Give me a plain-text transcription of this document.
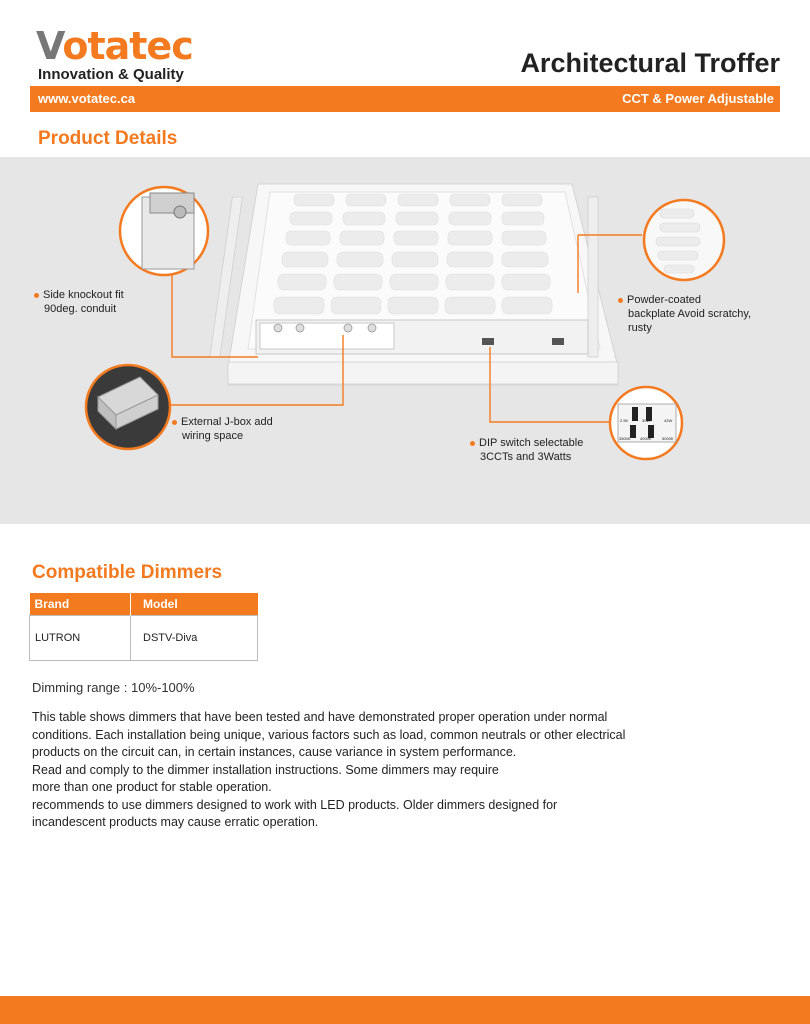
Votatec
Innovation & Quality	Architectural Troffer
www.votatec.ca	CCT & Power Adjustable
Product Details
2.5K	30W	42W
3500K 4000K	5000K
Side knockout fit
90deg. conduit
Powder-coated
backplate Avoid scratchy,
rusty
External J-box add
wiring space
DIP switch selectable
3CCTs and 3Watts
Compatible Dimmers
Brand	Model
LUTRON	DSTV-Diva
Dimming range : 10%-100%
This table shows dimmers that have been tested and have demonstrated proper operation under normal
conditions. Each installation being unique, various factors such as load, common neutrals or other electrical
products on the circuit can, in certain instances, cause variance in system performance.
Read and comply to the dimmer installation instructions. Some dimmers may require
more than one product for stable operation.
recommends to use dimmers designed to work with LED products. Older dimmers designed for
incandescent products may cause erratic operation.
